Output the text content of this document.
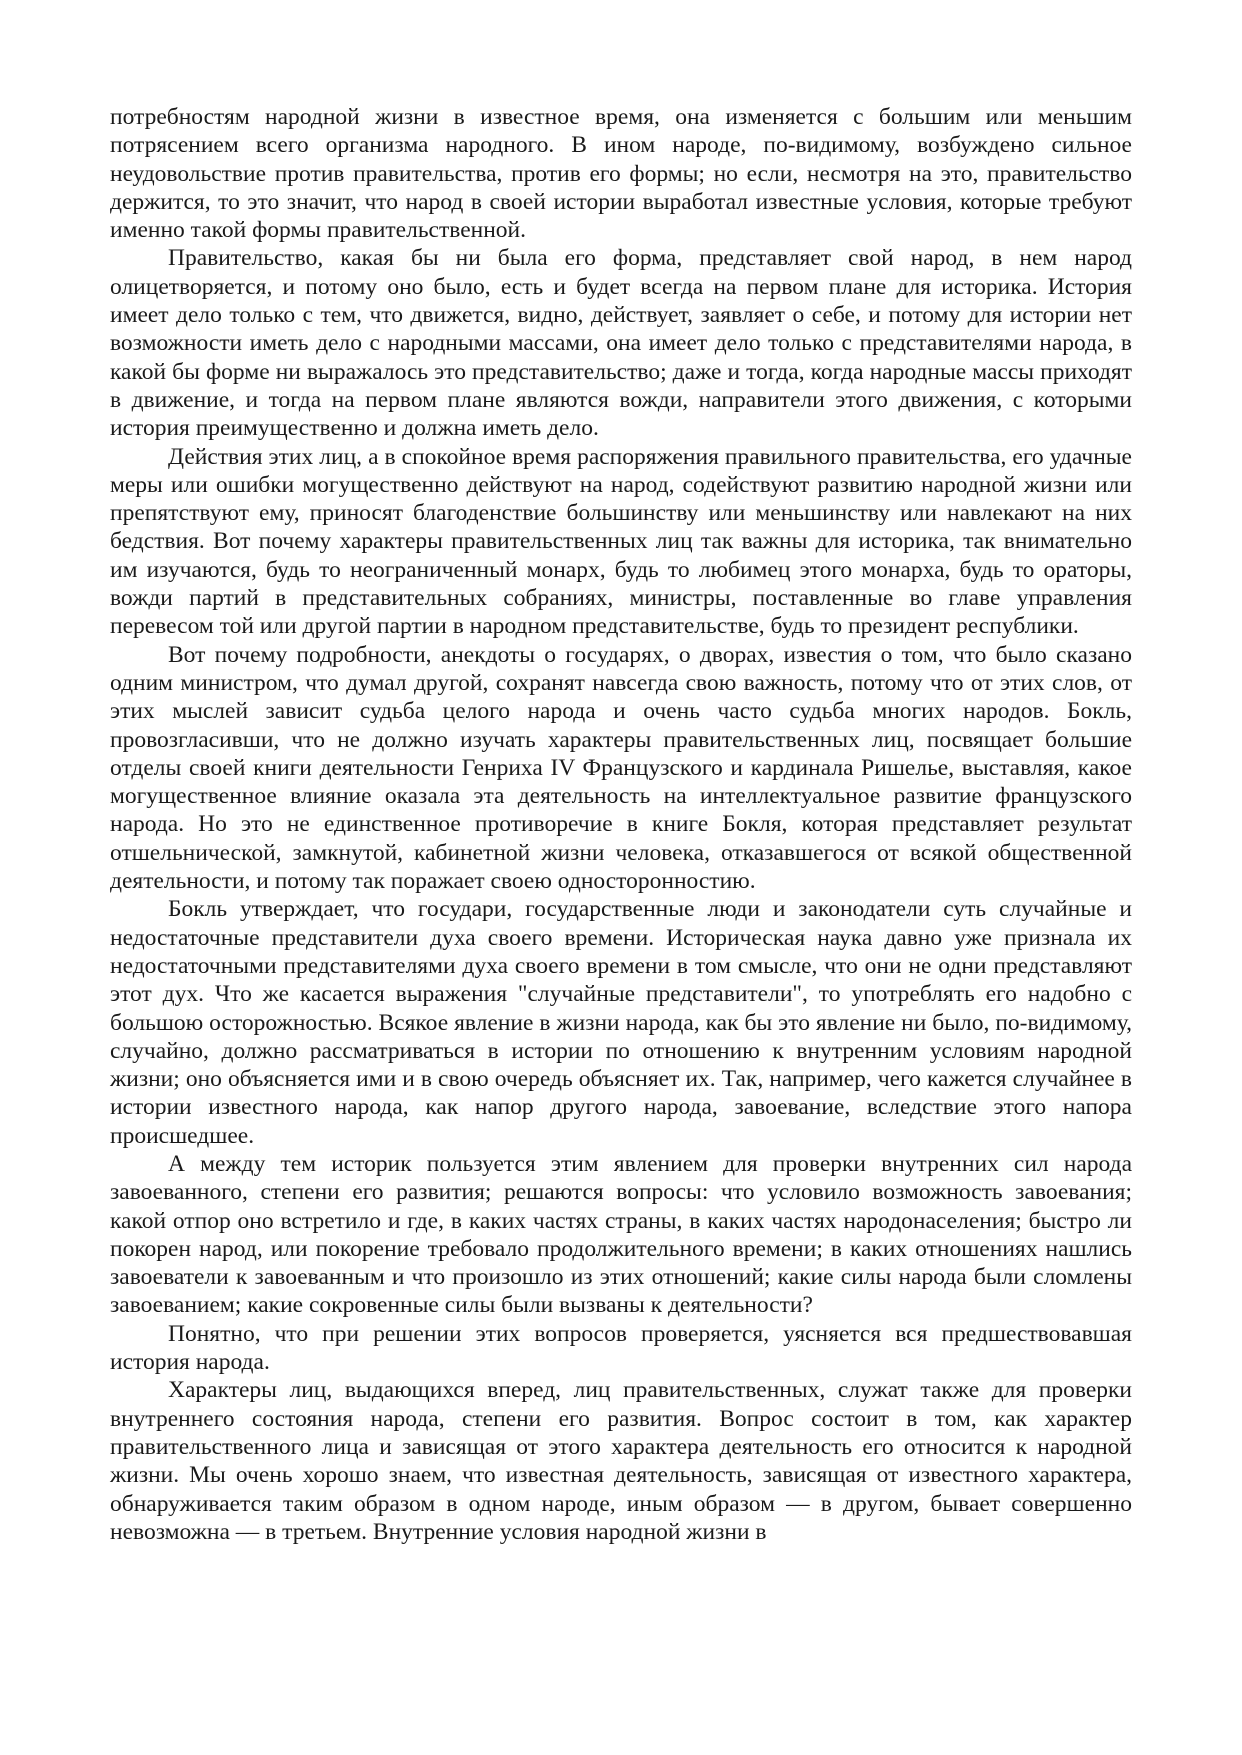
потребностям народной жизни в известное время, она изменяется с большим или меньшим потрясением всего организма народного. В ином народе, по-видимому, возбуждено сильное неудовольствие против правительства, против его формы; но если, несмотря на это, правительство держится, то это значит, что народ в своей истории выработал известные условия, которые требуют именно такой формы правительственной.

Правительство, какая бы ни была его форма, представляет свой народ, в нем народ олицетворяется, и потому оно было, есть и будет всегда на первом плане для историка. История имеет дело только с тем, что движется, видно, действует, заявляет о себе, и потому для истории нет возможности иметь дело с народными массами, она имеет дело только с представителями народа, в какой бы форме ни выражалось это представительство; даже и тогда, когда народные массы приходят в движение, и тогда на первом плане являются вожди, направители этого движения, с которыми история преимущественно и должна иметь дело.

Действия этих лиц, а в спокойное время распоряжения правильного правительства, его удачные меры или ошибки могущественно действуют на народ, содействуют развитию народной жизни или препятствуют ему, приносят благоденствие большинству или меньшинству или навлекают на них бедствия. Вот почему характеры правительственных лиц так важны для историка, так внимательно им изучаются, будь то неограниченный монарх, будь то любимец этого монарха, будь то ораторы, вожди партий в представительных собраниях, министры, поставленные во главе управления перевесом той или другой партии в народном представительстве, будь то президент республики.

Вот почему подробности, анекдоты о государях, о дворах, известия о том, что было сказано одним министром, что думал другой, сохранят навсегда свою важность, потому что от этих слов, от этих мыслей зависит судьба целого народа и очень часто судьба многих народов. Бокль, провозгласивши, что не должно изучать характеры правительственных лиц, посвящает большие отделы своей книги деятельности Генриха IV Французского и кардинала Ришелье, выставляя, какое могущественное влияние оказала эта деятельность на интеллектуальное развитие французского народа. Но это не единственное противоречие в книге Бокля, которая представляет результат отшельнической, замкнутой, кабинетной жизни человека, отказавшегося от всякой общественной деятельности, и потому так поражает своею односторонностию.

Бокль утверждает, что государи, государственные люди и законодатели суть случайные и недостаточные представители духа своего времени. Историческая наука давно уже признала их недостаточными представителями духа своего времени в том смысле, что они не одни представляют этот дух. Что же касается выражения "случайные представители", то употреблять его надобно с большою осторожностью. Всякое явление в жизни народа, как бы это явление ни было, по-видимому, случайно, должно рассматриваться в истории по отношению к внутренним условиям народной жизни; оно объясняется ими и в свою очередь объясняет их. Так, например, чего кажется случайнее в истории известного народа, как напор другого народа, завоевание, вследствие этого напора происшедшее.

А между тем историк пользуется этим явлением для проверки внутренних сил народа завоеванного, степени его развития; решаются вопросы: что условило возможность завоевания; какой отпор оно встретило и где, в каких частях страны, в каких частях народонаселения; быстро ли покорен народ, или покорение требовало продолжительного времени; в каких отношениях нашлись завоеватели к завоеванным и что произошло из этих отношений; какие силы народа были сломлены завоеванием; какие сокровенные силы были вызваны к деятельности?

Понятно, что при решении этих вопросов проверяется, уясняется вся предшествовавшая история народа.

Характеры лиц, выдающихся вперед, лиц правительственных, служат также для проверки внутреннего состояния народа, степени его развития. Вопрос состоит в том, как характер правительственного лица и зависящая от этого характера деятельность его относится к народной жизни. Мы очень хорошо знаем, что известная деятельность, зависящая от известного характера, обнаруживается таким образом в одном народе, иным образом — в другом, бывает совершенно невозможна — в третьем. Внутренние условия народной жизни в
